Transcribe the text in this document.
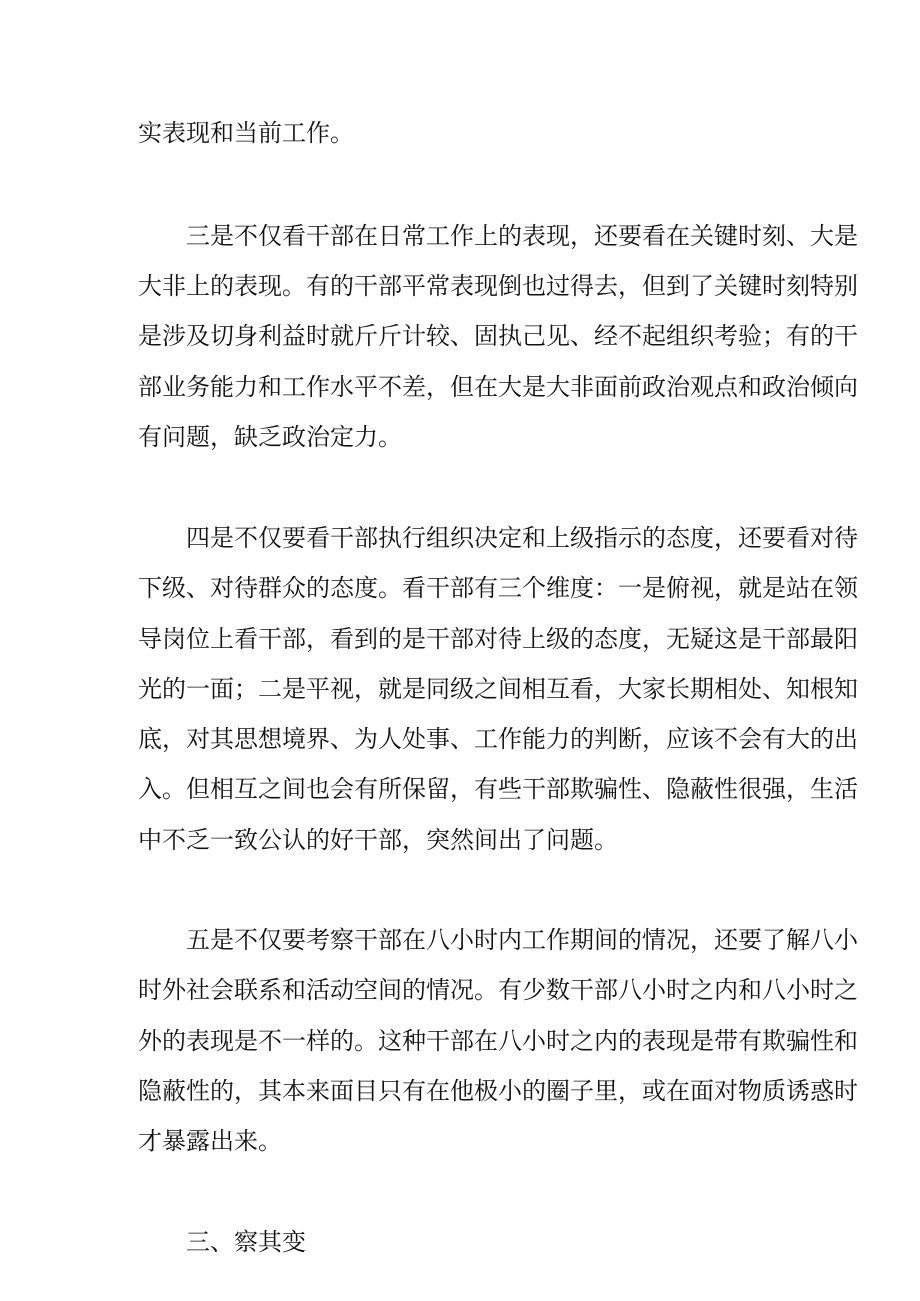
实表现和当前工作。
三是不仅看干部在日常工作上的表现，还要看在关键时刻、大是
大非上的表现。有的干部平常表现倒也过得去，但到了关键时刻特别
是涉及切身利益时就斤斤计较、固执己见、经不起组织考验；有的干
部业务能力和工作水平不差，但在大是大非面前政治观点和政治倾向
有问题，缺乏政治定力。
四是不仅要看干部执行组织决定和上级指示的态度，还要看对待
下级、对待群众的态度。看干部有三个维度：一是俯视，就是站在领
导岗位上看干部，看到的是干部对待上级的态度，无疑这是干部最阳
光的一面；二是平视，就是同级之间相互看，大家长期相处、知根知
底，对其思想境界、为人处事、工作能力的判断，应该不会有大的出
入。但相互之间也会有所保留，有些干部欺骗性、隐蔽性很强，生活
中不乏一致公认的好干部，突然间出了问题。
五是不仅要考察干部在八小时内工作期间的情况，还要了解八小
时外社会联系和活动空间的情况。有少数干部八小时之内和八小时之
外的表现是不一样的。这种干部在八小时之内的表现是带有欺骗性和
隐蔽性的，其本来面目只有在他极小的圈子里，或在面对物质诱惑时
才暴露出来。
三、察其变
